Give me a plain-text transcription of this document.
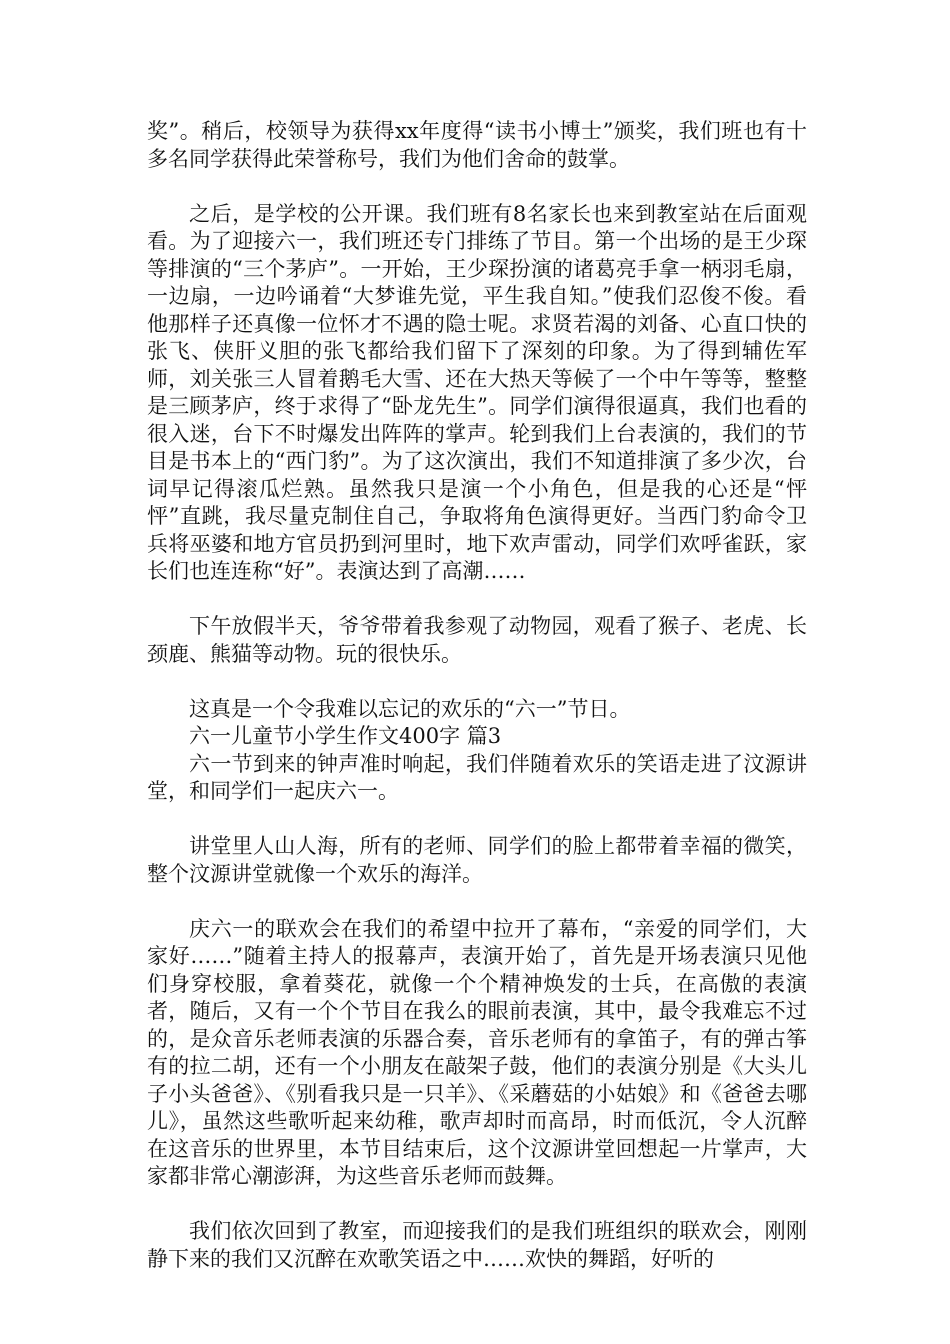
奖”。稍后，校领导为获得xx年度得“读书小博士”颁奖，我们班也有十多名同学获得此荣誉称号，我们为他们舍命的鼓掌。

之后，是学校的公开课。我们班有8名家长也来到教室站在后面观看。为了迎接六一，我们班还专门排练了节目。第一个出场的是王少琛等排演的“三个茅庐”。一开始，王少琛扮演的诸葛亮手拿一柄羽毛扇，一边扇，一边吟诵着“大梦谁先觉，平生我自知。”使我们忍俊不俊。看他那样子还真像一位怀才不遇的隐士呢。求贤若渴的刘备、心直口快的张飞、侠肝义胆的张飞都给我们留下了深刻的印象。为了得到辅佐军师，刘关张三人冒着鹅毛大雪、还在大热天等候了一个中午等等，整整是三顾茅庐，终于求得了“卧龙先生”。同学们演得很逼真，我们也看的很入迷，台下不时爆发出阵阵的掌声。轮到我们上台表演的，我们的节目是书本上的“西门豹”。为了这次演出，我们不知道排演了多少次，台词早记得滚瓜烂熟。虽然我只是演一个小角色，但是我的心还是“怦怦”直跳，我尽量克制住自己，争取将角色演得更好。当西门豹命令卫兵将巫婆和地方官员扔到河里时，地下欢声雷动，同学们欢呼雀跃，家长们也连连称“好”。表演达到了高潮……

下午放假半天，爷爷带着我参观了动物园，观看了猴子、老虎、长颈鹿、熊猫等动物。玩的很快乐。

这真是一个令我难以忘记的欢乐的“六一”节日。

六一儿童节小学生作文400字 篇3

六一节到来的钟声准时响起，我们伴随着欢乐的笑语走进了汶源讲堂，和同学们一起庆六一。

讲堂里人山人海，所有的老师、同学们的脸上都带着幸福的微笑，整个汶源讲堂就像一个欢乐的海洋。

庆六一的联欢会在我们的希望中拉开了幕布，“亲爱的同学们，大家好……”随着主持人的报幕声，表演开始了，首先是开场表演只见他们身穿校服，拿着葵花，就像一个个精神焕发的士兵，在高傲的表演者，随后，又有一个个节目在我么的眼前表演，其中，最令我难忘不过的，是众音乐老师表演的乐器合奏，音乐老师有的拿笛子，有的弹古筝有的拉二胡，还有一个小朋友在敲架子鼓，他们的表演分别是《大头儿子小头爸爸》、《别看我只是一只羊》、《采蘑菇的小姑娘》和《爸爸去哪儿》，虽然这些歌听起来幼稚，歌声却时而高昂，时而低沉，令人沉醉在这音乐的世界里，本节目结束后，这个汶源讲堂回想起一片掌声，大家都非常心潮澎湃，为这些音乐老师而鼓舞。

我们依次回到了教室，而迎接我们的是我们班组织的联欢会，刚刚静下来的我们又沉醉在欢歌笑语之中……欢快的舞蹈，好听的
